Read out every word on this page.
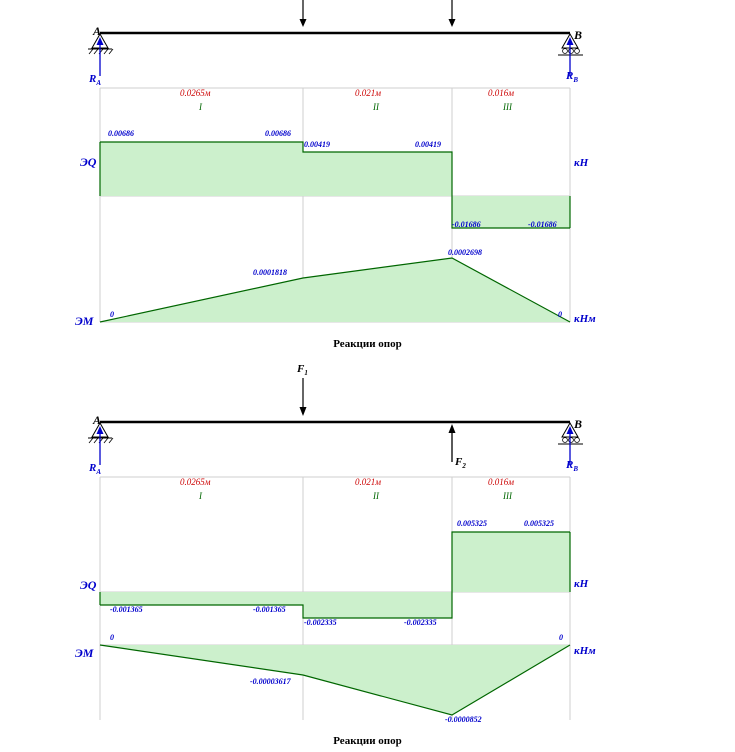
A	B
$R_A$
$R_B$
0.0265м	0.021м	0.016м
I	II	III
ЭQ	кН
ЭМ	кНм
0.00686	0.00686
0.00419	0.00419
-0.01686	-0.01686
0
0.0001818
0.0002698
0
Реакции опор
$F_1$
A	B
$R_A$
$R_B$
$F_2$
0.0265м	0.021м	0.016м
I	II	III
ЭQ	кН
ЭМ	кНм
0.005325	0.005325
-0.001365	-0.001365
-0.002335	-0.002335
0
-0.00003617
-0.0000852
0
Реакции опор
